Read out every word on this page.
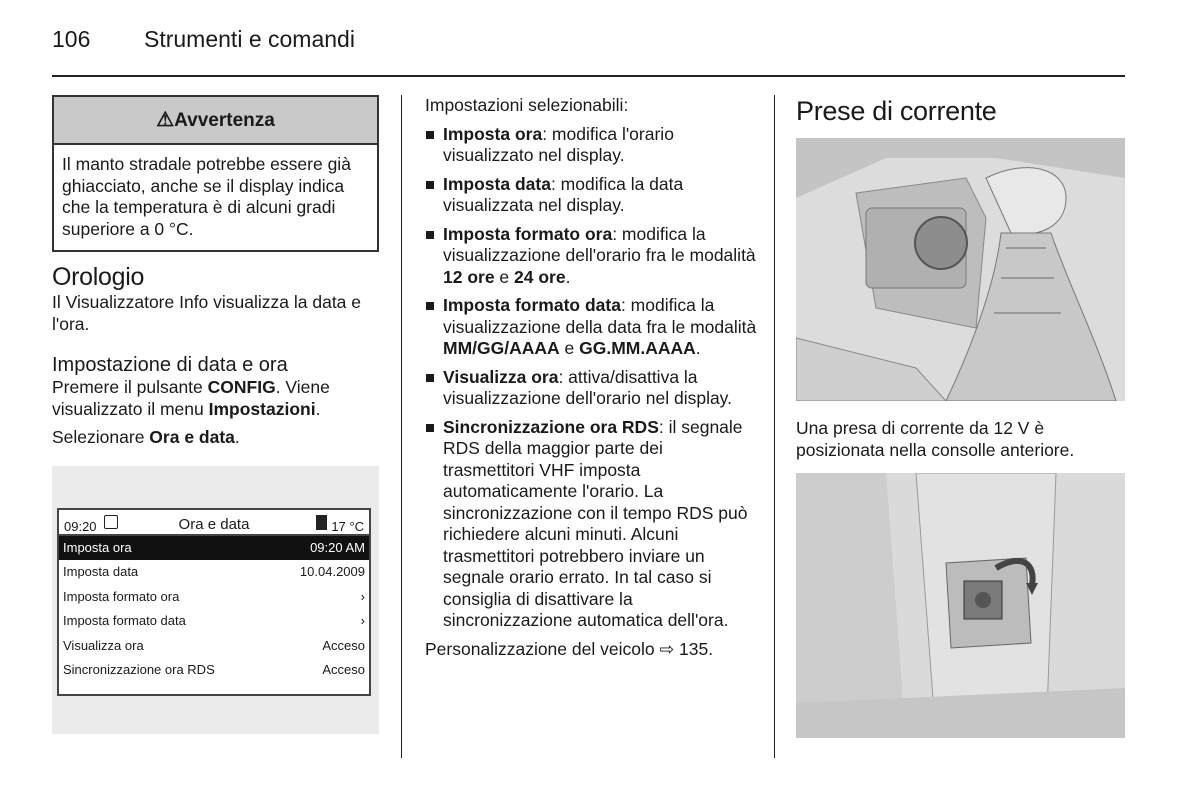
106 Strumenti e comandi
⚠Avvertenza
Il manto stradale potrebbe essere già ghiacciato, anche se il display indica che la temperatura è di alcuni gradi superiore a 0 °C.
Orologio

Il Visualizzatore Info visualizza la data e l'ora.

Impostazione di data e ora

Premere il pulsante CONFIG. Viene visualizzato il menu Impostazioni.

Selezionare Ora e data.

09:20	Ora e data	17 °C
Imposta ora	09:20 AM
Imposta data	10.04.2009
Imposta formato ora	›
Imposta formato data	›
Visualizza ora	Acceso
Sincronizzazione ora RDS	Acceso

Impostazioni selezionabili:

Imposta ora: modifica l'orario visualizzato nel display.
Imposta data: modifica la data visualizzata nel display.
Imposta formato ora: modifica la visualizzazione dell'orario fra le modalità 12 ore e 24 ore.
Imposta formato data: modifica la visualizzazione della data fra le modalità MM/GG/AAAA e GG.MM.AAAA.
Visualizza ora: attiva/disattiva la visualizzazione dell'orario nel display.
Sincronizzazione ora RDS: il segnale RDS della maggior parte dei trasmettitori VHF imposta automaticamente l'orario. La sincronizzazione con il tempo RDS può richiedere alcuni minuti. Alcuni trasmettitori potrebbero inviare un segnale orario errato. In tal caso si consiglia di disattivare la sincronizzazione automatica dell'ora.

Personalizzazione del veicolo ⇨ 135.

Prese di corrente

Una presa di corrente da 12 V è posizionata nella consolle anteriore.
